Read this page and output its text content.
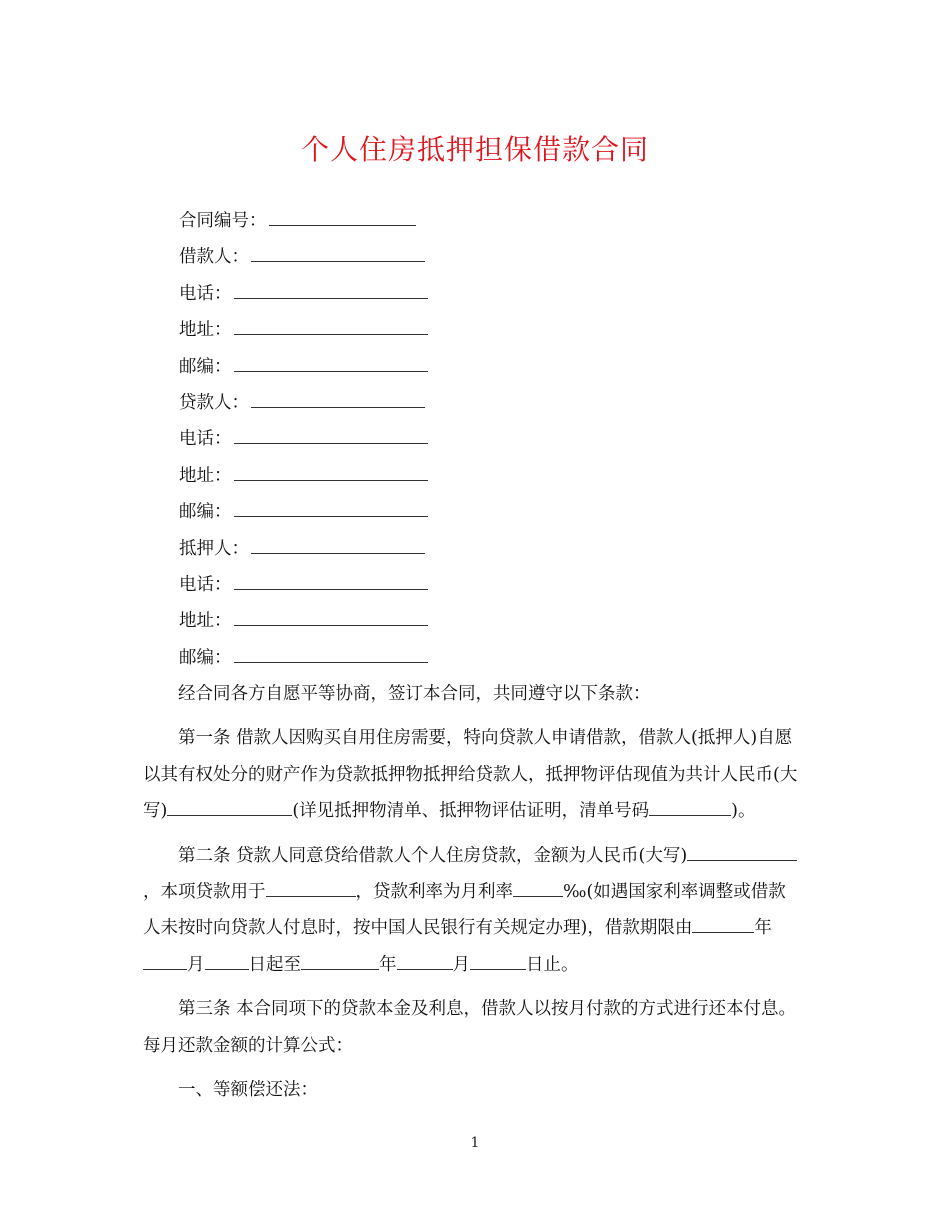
个人住房抵押担保借款合同
合同编号：
借款人：
电话：
地址：
邮编：
贷款人：
电话：
地址：
邮编：
抵押人：
电话：
地址：
邮编：

经合同各方自愿平等协商，签订本合同，共同遵守以下条款：

第一条 借款人因购买自用住房需要，特向贷款人申请借款，借款人(抵押人)自愿以其有权处分的财产作为贷款抵押物抵押给贷款人，抵押物评估现值为共计人民币(大写)	(详见抵押物清单、抵押物评估证明，清单号码	)。

第二条 贷款人同意贷给借款人个人住房贷款，金额为人民币(大写)，本项贷款用于	，贷款利率为月利率	‰(如遇国家利率调整或借款人未按时向贷款人付息时，按中国人民银行有关规定办理)，借款期限由	年月	日起至	年	月	日止。

第三条 本合同项下的贷款本金及利息，借款人以按月付款的方式进行还本付息。每月还款金额的计算公式：

一、等额偿还法：

1
